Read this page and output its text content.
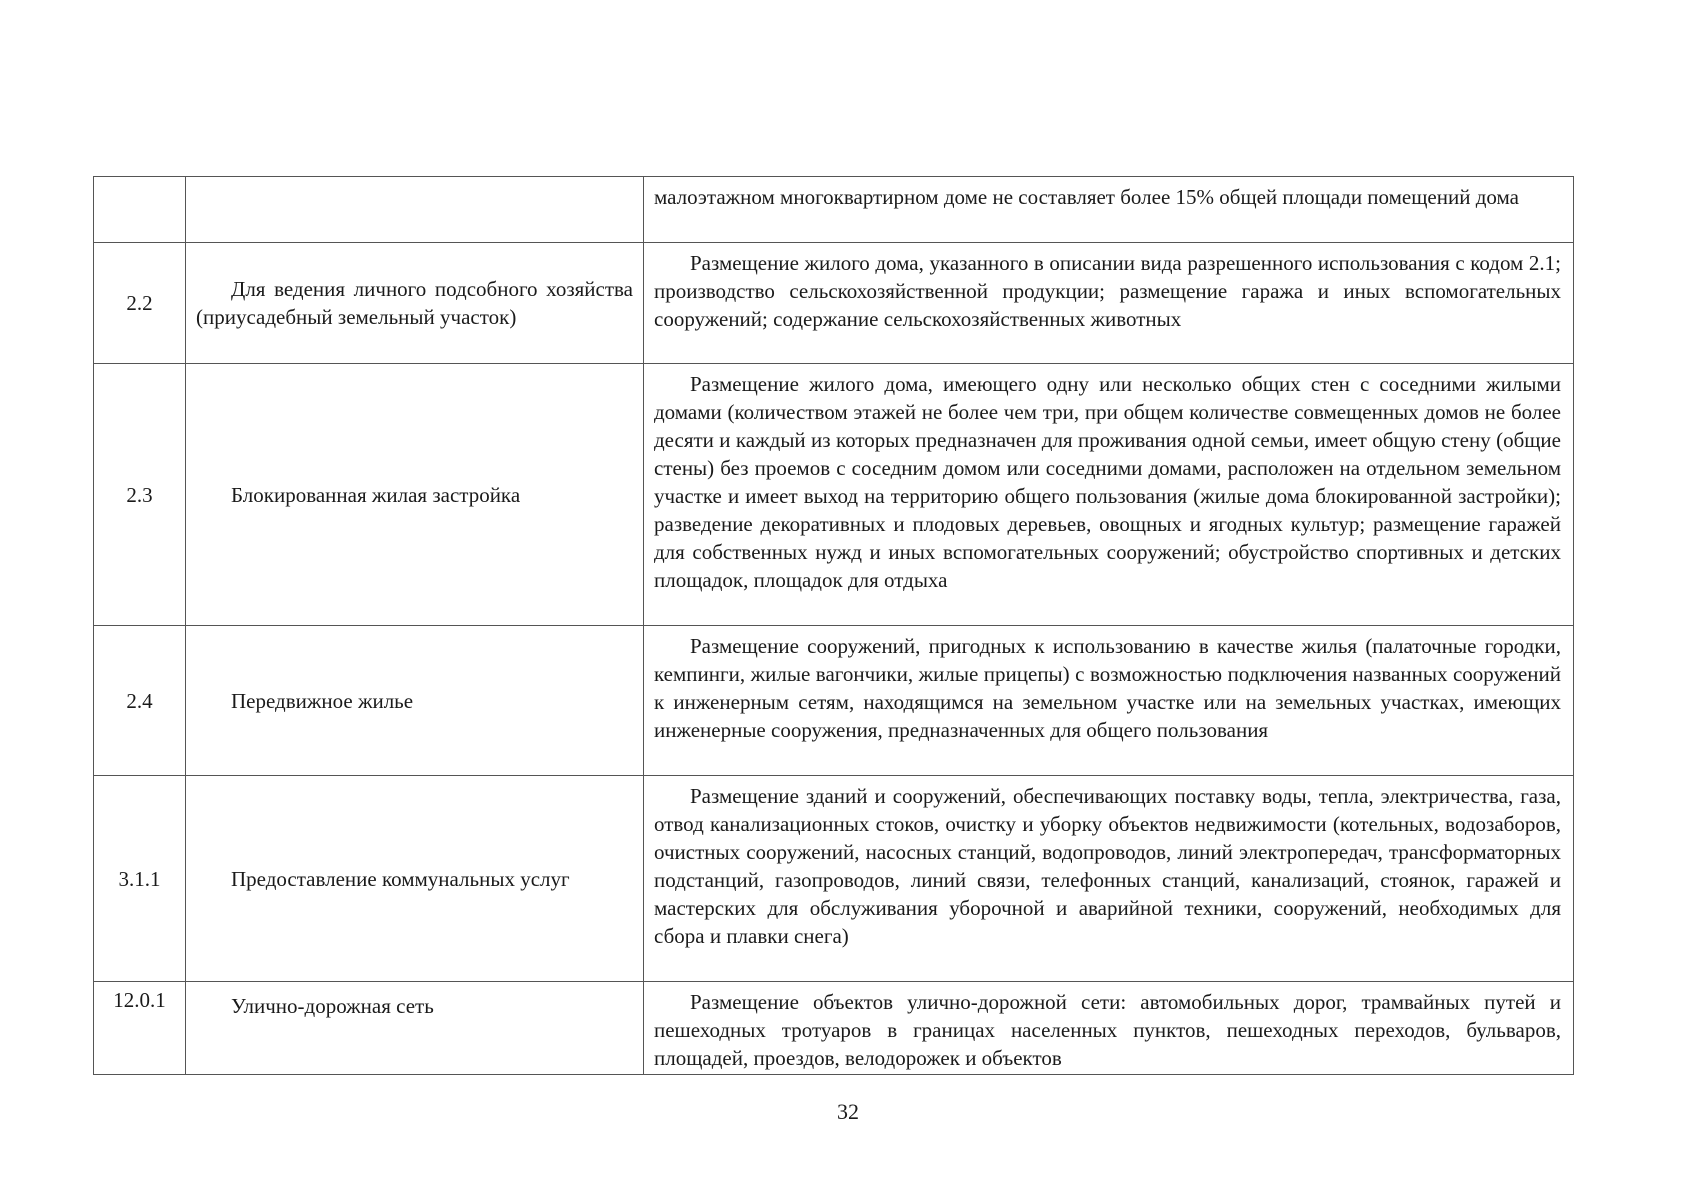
		малоэтажном многоквартирном доме не составляет более 15% общей площади помещений дома
2.2	Для ведения личного подсобного хозяйства (приусадебный земельный участок)	Размещение жилого дома, указанного в описании вида разрешенного использования с кодом 2.1; производство сельскохозяйственной продукции; размещение гаража и иных вспомогательных сооружений; содержание сельскохозяйственных животных
2.3	Блокированная жилая застройка	Размещение жилого дома, имеющего одну или несколько общих стен с соседними жилыми домами (количеством этажей не более чем три, при общем количестве совмещенных домов не более десяти и каждый из которых предназначен для проживания одной семьи, имеет общую стену (общие стены) без проемов с соседним домом или соседними домами, расположен на отдельном земельном участке и имеет выход на территорию общего пользования (жилые дома блокированной застройки); разведение декоративных и плодовых деревьев, овощных и ягодных культур; размещение гаражей для собственных нужд и иных вспомогательных сооружений; обустройство спортивных и детских площадок, площадок для отдыха
2.4	Передвижное жилье	Размещение сооружений, пригодных к использованию в качестве жилья (палаточные городки, кемпинги, жилые вагончики, жилые прицепы) с возможностью подключения названных сооружений к инженерным сетям, находящимся на земельном участке или на земельных участках, имеющих инженерные сооружения, предназначенных для общего пользования
3.1.1	Предоставление коммунальных услуг	Размещение зданий и сооружений, обеспечивающих поставку воды, тепла, электричества, газа, отвод канализационных стоков, очистку и уборку объектов недвижимости (котельных, водозаборов, очистных сооружений, насосных станций, водопроводов, линий электропередач, трансформаторных подстанций, газопроводов, линий связи, телефонных станций, канализаций, стоянок, гаражей и мастерских для обслуживания уборочной и аварийной техники, сооружений, необходимых для сбора и плавки снега)
12.0.1	Улично-дорожная сеть	Размещение объектов улично-дорожной сети: автомобильных дорог, трамвайных путей и пешеходных тротуаров в границах населенных пунктов, пешеходных переходов, бульваров, площадей, проездов, велодорожек и объектов
32
